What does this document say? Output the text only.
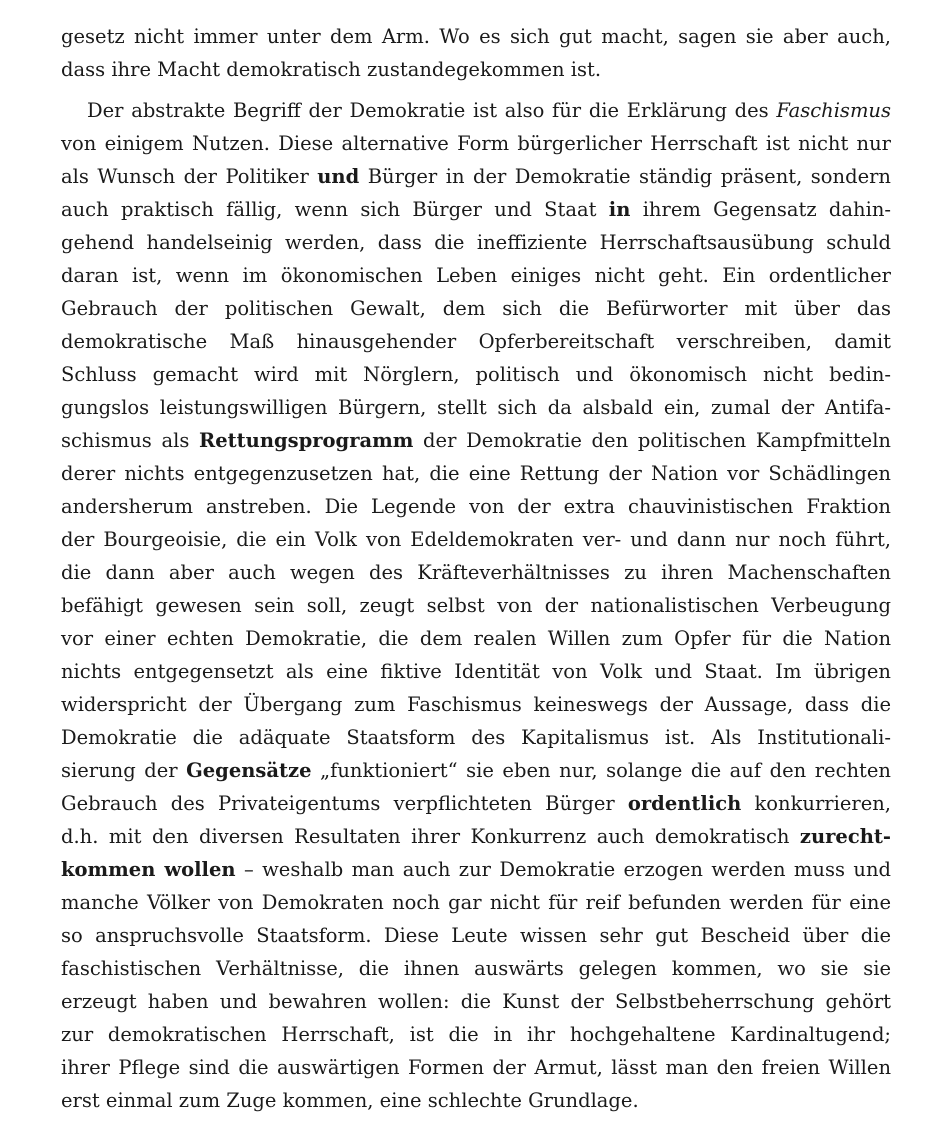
gesetz nicht immer unter dem Arm. Wo es sich gut macht, sagen sie aber auch,
dass ihre Macht demokratisch zustandegekommen ist.
Der abstrakte Begriff der Demokratie ist also für die Erklärung des Faschismus
von einigem Nutzen. Diese alternative Form bürgerlicher Herrschaft ist nicht nur
als Wunsch der Politiker und Bürger in der Demokratie ständig präsent, sondern
auch praktisch fällig, wenn sich Bürger und Staat in ihrem Gegensatz dahin-
gehend handelseinig werden, dass die ineffiziente Herrschaftsausübung schuld
daran ist, wenn im ökonomischen Leben einiges nicht geht. Ein ordentlicher
Gebrauch der politischen Gewalt, dem sich die Befürworter mit über das
demokratische Maß hinausgehender Opferbereitschaft verschreiben, damit
Schluss gemacht wird mit Nörglern, politisch und ökonomisch nicht bedin-
gungslos leistungswilligen Bürgern, stellt sich da alsbald ein, zumal der Antifa-
schismus als Rettungsprogramm der Demokratie den politischen Kampfmitteln
derer nichts entgegenzusetzen hat, die eine Rettung der Nation vor Schädlingen
andersherum anstreben. Die Legende von der extra chauvinistischen Fraktion
der Bourgeoisie, die ein Volk von Edeldemokraten ver- und dann nur noch führt,
die dann aber auch wegen des Kräfteverhältnisses zu ihren Machenschaften
befähigt gewesen sein soll, zeugt selbst von der nationalistischen Verbeugung
vor einer echten Demokratie, die dem realen Willen zum Opfer für die Nation
nichts entgegensetzt als eine fiktive Identität von Volk und Staat. Im übrigen
widerspricht der Übergang zum Faschismus keineswegs der Aussage, dass die
Demokratie die adäquate Staatsform des Kapitalismus ist. Als Institutionali-
sierung der Gegensätze „funktioniert“ sie eben nur, solange die auf den rechten
Gebrauch des Privateigentums verpflichteten Bürger ordentlich konkurrieren,
d.h. mit den diversen Resultaten ihrer Konkurrenz auch demokratisch zurecht-
kommen wollen – weshalb man auch zur Demokratie erzogen werden muss und
manche Völker von Demokraten noch gar nicht für reif befunden werden für eine
so anspruchsvolle Staatsform. Diese Leute wissen sehr gut Bescheid über die
faschistischen Verhältnisse, die ihnen auswärts gelegen kommen, wo sie sie
erzeugt haben und bewahren wollen: die Kunst der Selbstbeherrschung gehört
zur demokratischen Herrschaft, ist die in ihr hochgehaltene Kardinaltugend;
ihrer Pflege sind die auswärtigen Formen der Armut, lässt man den freien Willen
erst einmal zum Zuge kommen, eine schlechte Grundlage.
